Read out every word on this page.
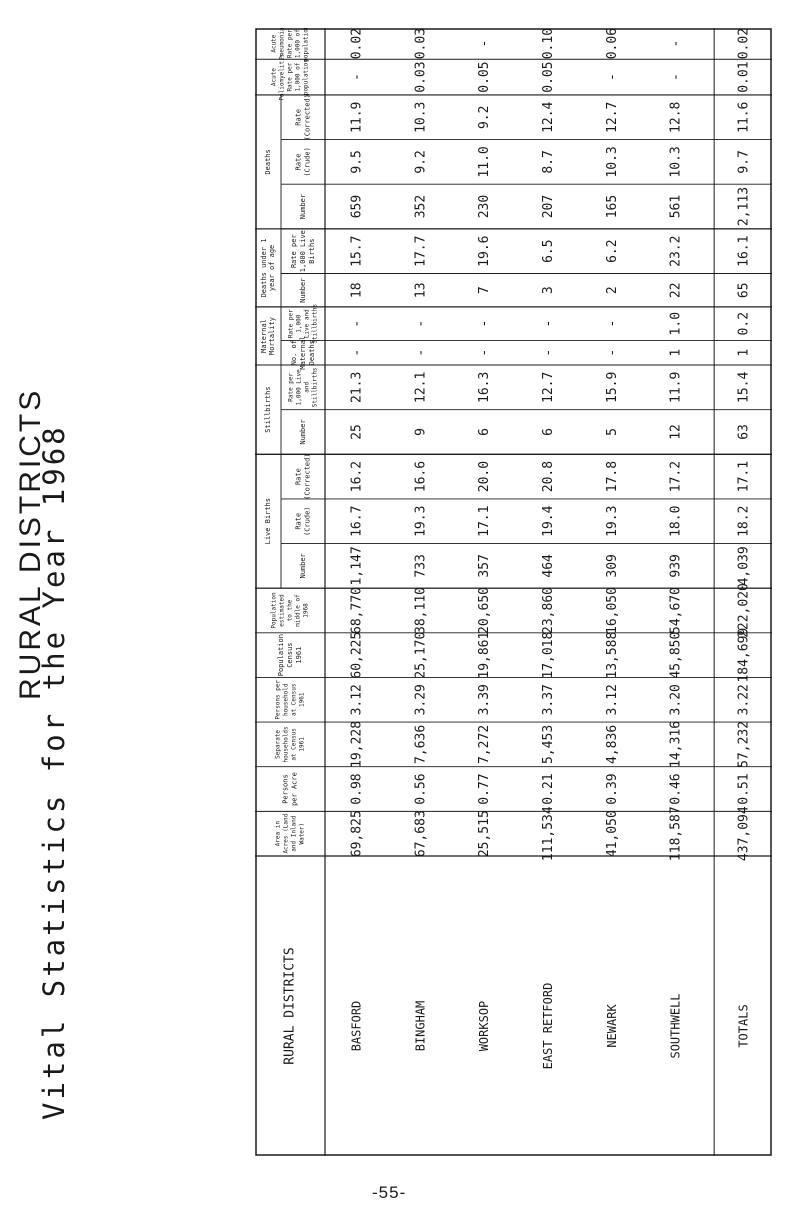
Vital Statistics for the Year 1968
RURAL DISTRICTS
Acute Pneumonia Rate per 1,000 of population
Acute Poliomyelitis Rate per 1,000 of population
Rate (Corrected)
Rate (Crude)
Number
Rate per 1,000 Live Births
Number
Rate per 1,000 Live and Stillbirths
No. of Maternal Deaths
Rate per 1,000 Live and Stillbirths
Number
Rate (Corrected)
Rate (Crude)
Number
Population estimated to the middle of 1968
Population Census 1961
Persons per household at Census 1961
Separate households at Census 1961
Persons per Acre
Area in Acres (Land and Inland Water)
Live Births
Stillbirths
Maternal Mortality
Deaths under 1 year of age
Deaths
RURAL DISTRICTS
69,825
0.98
19,228
3.12
60,225
68,770
1,147
16.7
16.2
25
21.3
-
-
18
15.7
659
9.5
11.9
-
0.02
BASFORD
67,683
0.56
7,636
3.29
25,170
38,110
733
19.3
16.6
9
12.1
-
-
13
17.7
352
9.2
10.3
0.03
0.03
BINGHAM
25,515
0.77
7,272
3.39
19,861
20,650
357
17.1
20.0
6
16.3
-
-
7
19.6
230
11.0
9.2
0.05
-
WORKSOP
111,534
0.21
5,453
3.37
17,018
23,860
464
19.4
20.8
6
12.7
-
-
3
6.5
207
8.7
12.4
0.05
0.10
EAST RETFORD
41,050
0.39
4,836
3.12
13,588
16,050
309
19.3
17.8
5
15.9
-
-
2
6.2
165
10.3
12.7
-
0.06
NEWARK
118,587
0.46
14,316
3.20
45,850
54,670
939
18.0
17.2
12
11.9
1
1.0
22
23.2
561
10.3
12.8
-
-
SOUTHWELL
437,094
0.51
57,232
3.22
184,699
222,020
4,039
18.2
17.1
63
15.4
1
0.2
65
16.1
2,113
9.7
11.6
0.01
0.02
TOTALS
-55-
